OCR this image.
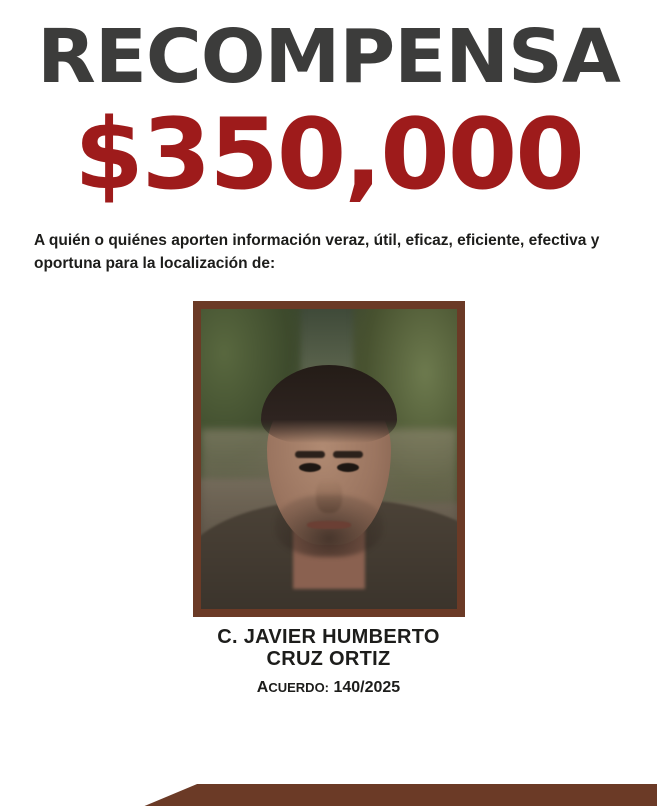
RECOMPENSA
$350,000
A quién o quiénes aporten información veraz, útil, eficaz, eficiente, efectiva y oportuna para la localización de:
C. JAVIER HUMBERTO
CRUZ ORTIZ
ACUERDO: 140/2025
